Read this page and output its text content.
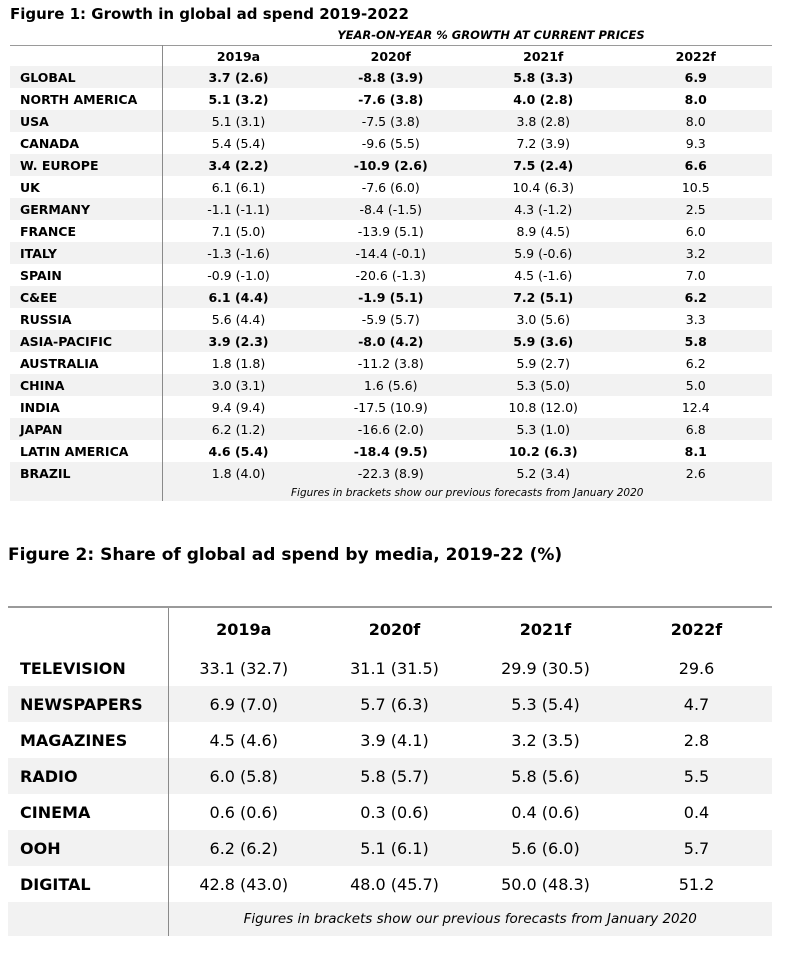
Figure 1: Growth in global ad spend 2019-2022
YEAR-ON-YEAR % GROWTH AT CURRENT PRICES
	2019a	2020f	2021f	2022f
GLOBAL	3.7 (2.6)	-8.8 (3.9)	5.8 (3.3)	6.9
NORTH AMERICA	5.1 (3.2)	-7.6 (3.8)	4.0 (2.8)	8.0
USA	5.1 (3.1)	-7.5 (3.8)	3.8 (2.8)	8.0
CANADA	5.4 (5.4)	-9.6 (5.5)	7.2 (3.9)	9.3
W. EUROPE	3.4 (2.2)	-10.9 (2.6)	7.5 (2.4)	6.6
UK	6.1 (6.1)	-7.6 (6.0)	10.4 (6.3)	10.5
GERMANY	-1.1 (-1.1)	-8.4 (-1.5)	4.3 (-1.2)	2.5
FRANCE	7.1 (5.0)	-13.9 (5.1)	8.9 (4.5)	6.0
ITALY	-1.3 (-1.6)	-14.4 (-0.1)	5.9 (-0.6)	3.2
SPAIN	-0.9 (-1.0)	-20.6 (-1.3)	4.5 (-1.6)	7.0
C&EE	6.1 (4.4)	-1.9 (5.1)	7.2 (5.1)	6.2
RUSSIA	5.6 (4.4)	-5.9 (5.7)	3.0 (5.6)	3.3
ASIA-PACIFIC	3.9 (2.3)	-8.0 (4.2)	5.9 (3.6)	5.8
AUSTRALIA	1.8 (1.8)	-11.2 (3.8)	5.9 (2.7)	6.2
CHINA	3.0 (3.1)	1.6 (5.6)	5.3 (5.0)	5.0
INDIA	9.4 (9.4)	-17.5 (10.9)	10.8 (12.0)	12.4
JAPAN	6.2 (1.2)	-16.6 (2.0)	5.3 (1.0)	6.8
LATIN AMERICA	4.6 (5.4)	-18.4 (9.5)	10.2 (6.3)	8.1
BRAZIL	1.8 (4.0)	-22.3 (8.9)	5.2 (3.4)	2.6
	Figures in brackets show our previous forecasts from January 2020			
Figure 2: Share of global ad spend by media, 2019-22 (%)
	2019a	2020f	2021f	2022f
TELEVISION	33.1 (32.7)	31.1 (31.5)	29.9 (30.5)	29.6
NEWSPAPERS	6.9 (7.0)	5.7 (6.3)	5.3 (5.4)	4.7
MAGAZINES	4.5 (4.6)	3.9 (4.1)	3.2 (3.5)	2.8
RADIO	6.0 (5.8)	5.8 (5.7)	5.8 (5.6)	5.5
CINEMA	0.6 (0.6)	0.3 (0.6)	0.4 (0.6)	0.4
OOH	6.2 (6.2)	5.1 (6.1)	5.6 (6.0)	5.7
DIGITAL	42.8 (43.0)	48.0 (45.7)	50.0 (48.3)	51.2
	Figures in brackets show our previous forecasts from January 2020			
